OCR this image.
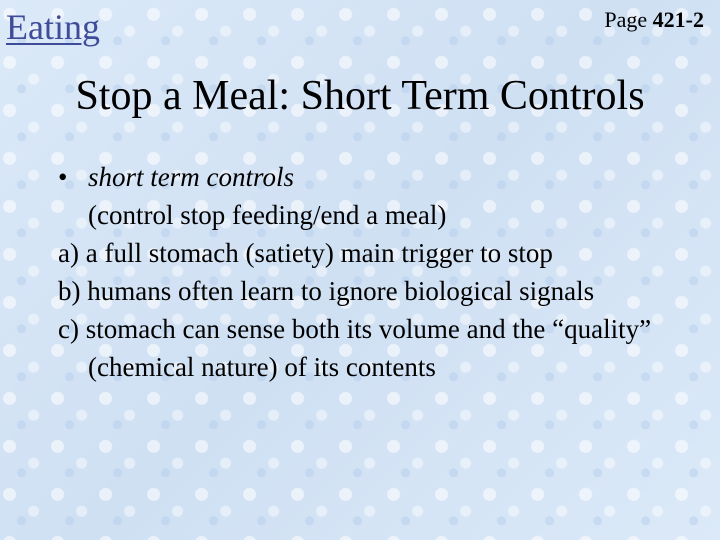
Eating	Page 421-2
Stop a Meal: Short Term Controls
• short term controls
(control stop feeding/end a meal)
a) a full stomach (satiety) main trigger to stop
b) humans often learn to ignore biological signals
c) stomach can sense both its volume and the “quality” (chemical nature) of its contents
